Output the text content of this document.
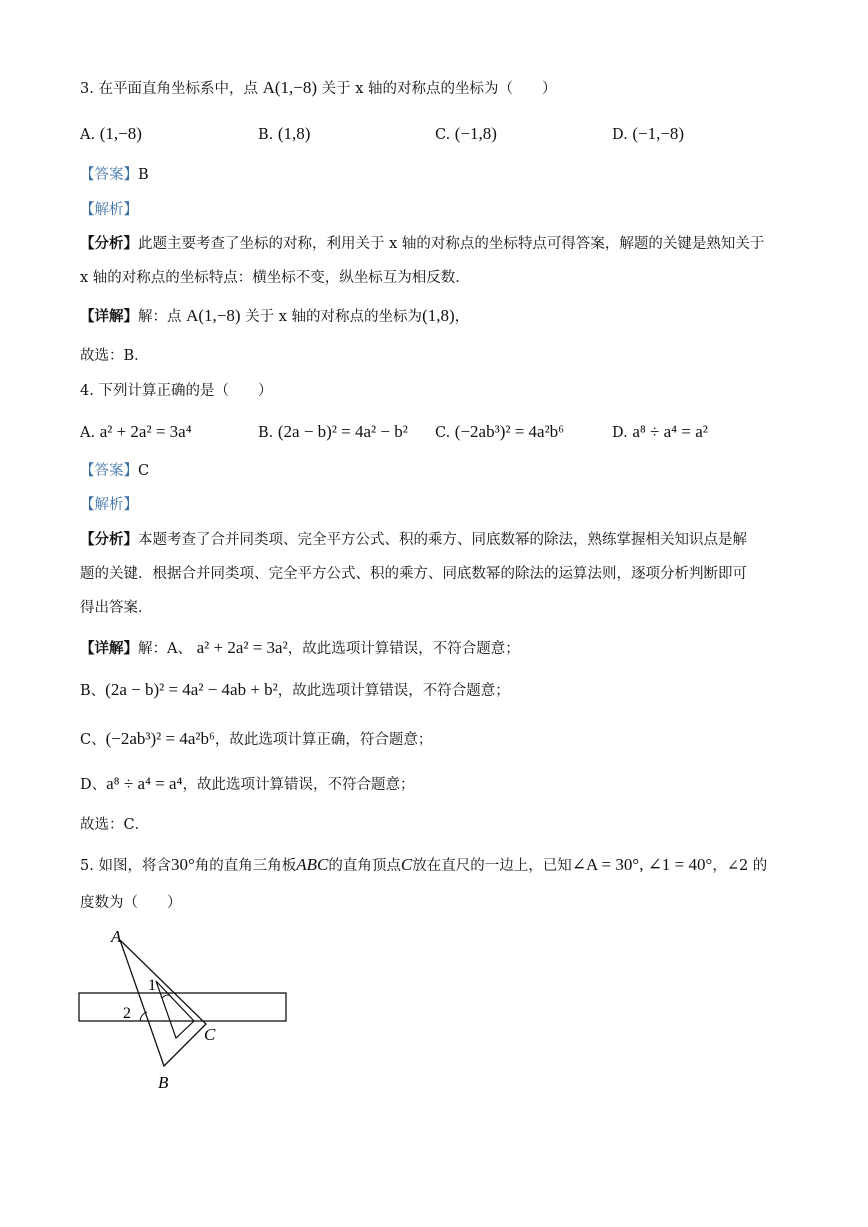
3. 在平面直角坐标系中，点 A(1,−8) 关于 x 轴的对称点的坐标为（　　）
A. (1,−8)	B. (1,8)	C. (−1,8)	D. (−1,−8)
【答案】B
【解析】
【分析】此题主要考查了坐标的对称，利用关于 x 轴的对称点的坐标特点可得答案，解题的关键是熟知关于
x 轴的对称点的坐标特点：横坐标不变，纵坐标互为相反数．
【详解】解：点 A(1,−8) 关于 x 轴的对称点的坐标为(1,8)，
故选：B．
4. 下列计算正确的是（　　）
A. a² + 2a² = 3a⁴	B. (2a − b)² = 4a² − b² C. (−2ab³)² = 4a²b⁶	D. a⁸ ÷ a⁴ = a²
【答案】C
【解析】
【分析】本题考查了合并同类项、完全平方公式、积的乘方、同底数幂的除法，熟练掌握相关知识点是解
题的关键．根据合并同类项、完全平方公式、积的乘方、同底数幂的除法的运算法则，逐项分析判断即可
得出答案．
【详解】解：A、 a² + 2a² = 3a²，故此选项计算错误，不符合题意；
B、(2a − b)² = 4a² − 4ab + b²，故此选项计算错误，不符合题意；
C、(−2ab³)² = 4a²b⁶，故此选项计算正确，符合题意；
D、a⁸ ÷ a⁴ = a⁴，故此选项计算错误，不符合题意；
故选：C．
5. 如图，将含30°角的直角三角板ABC的直角顶点C放在直尺的一边上，已知∠A = 30°, ∠1 = 40°，∠2 的
度数为（　　）
A
B
C
1
2
